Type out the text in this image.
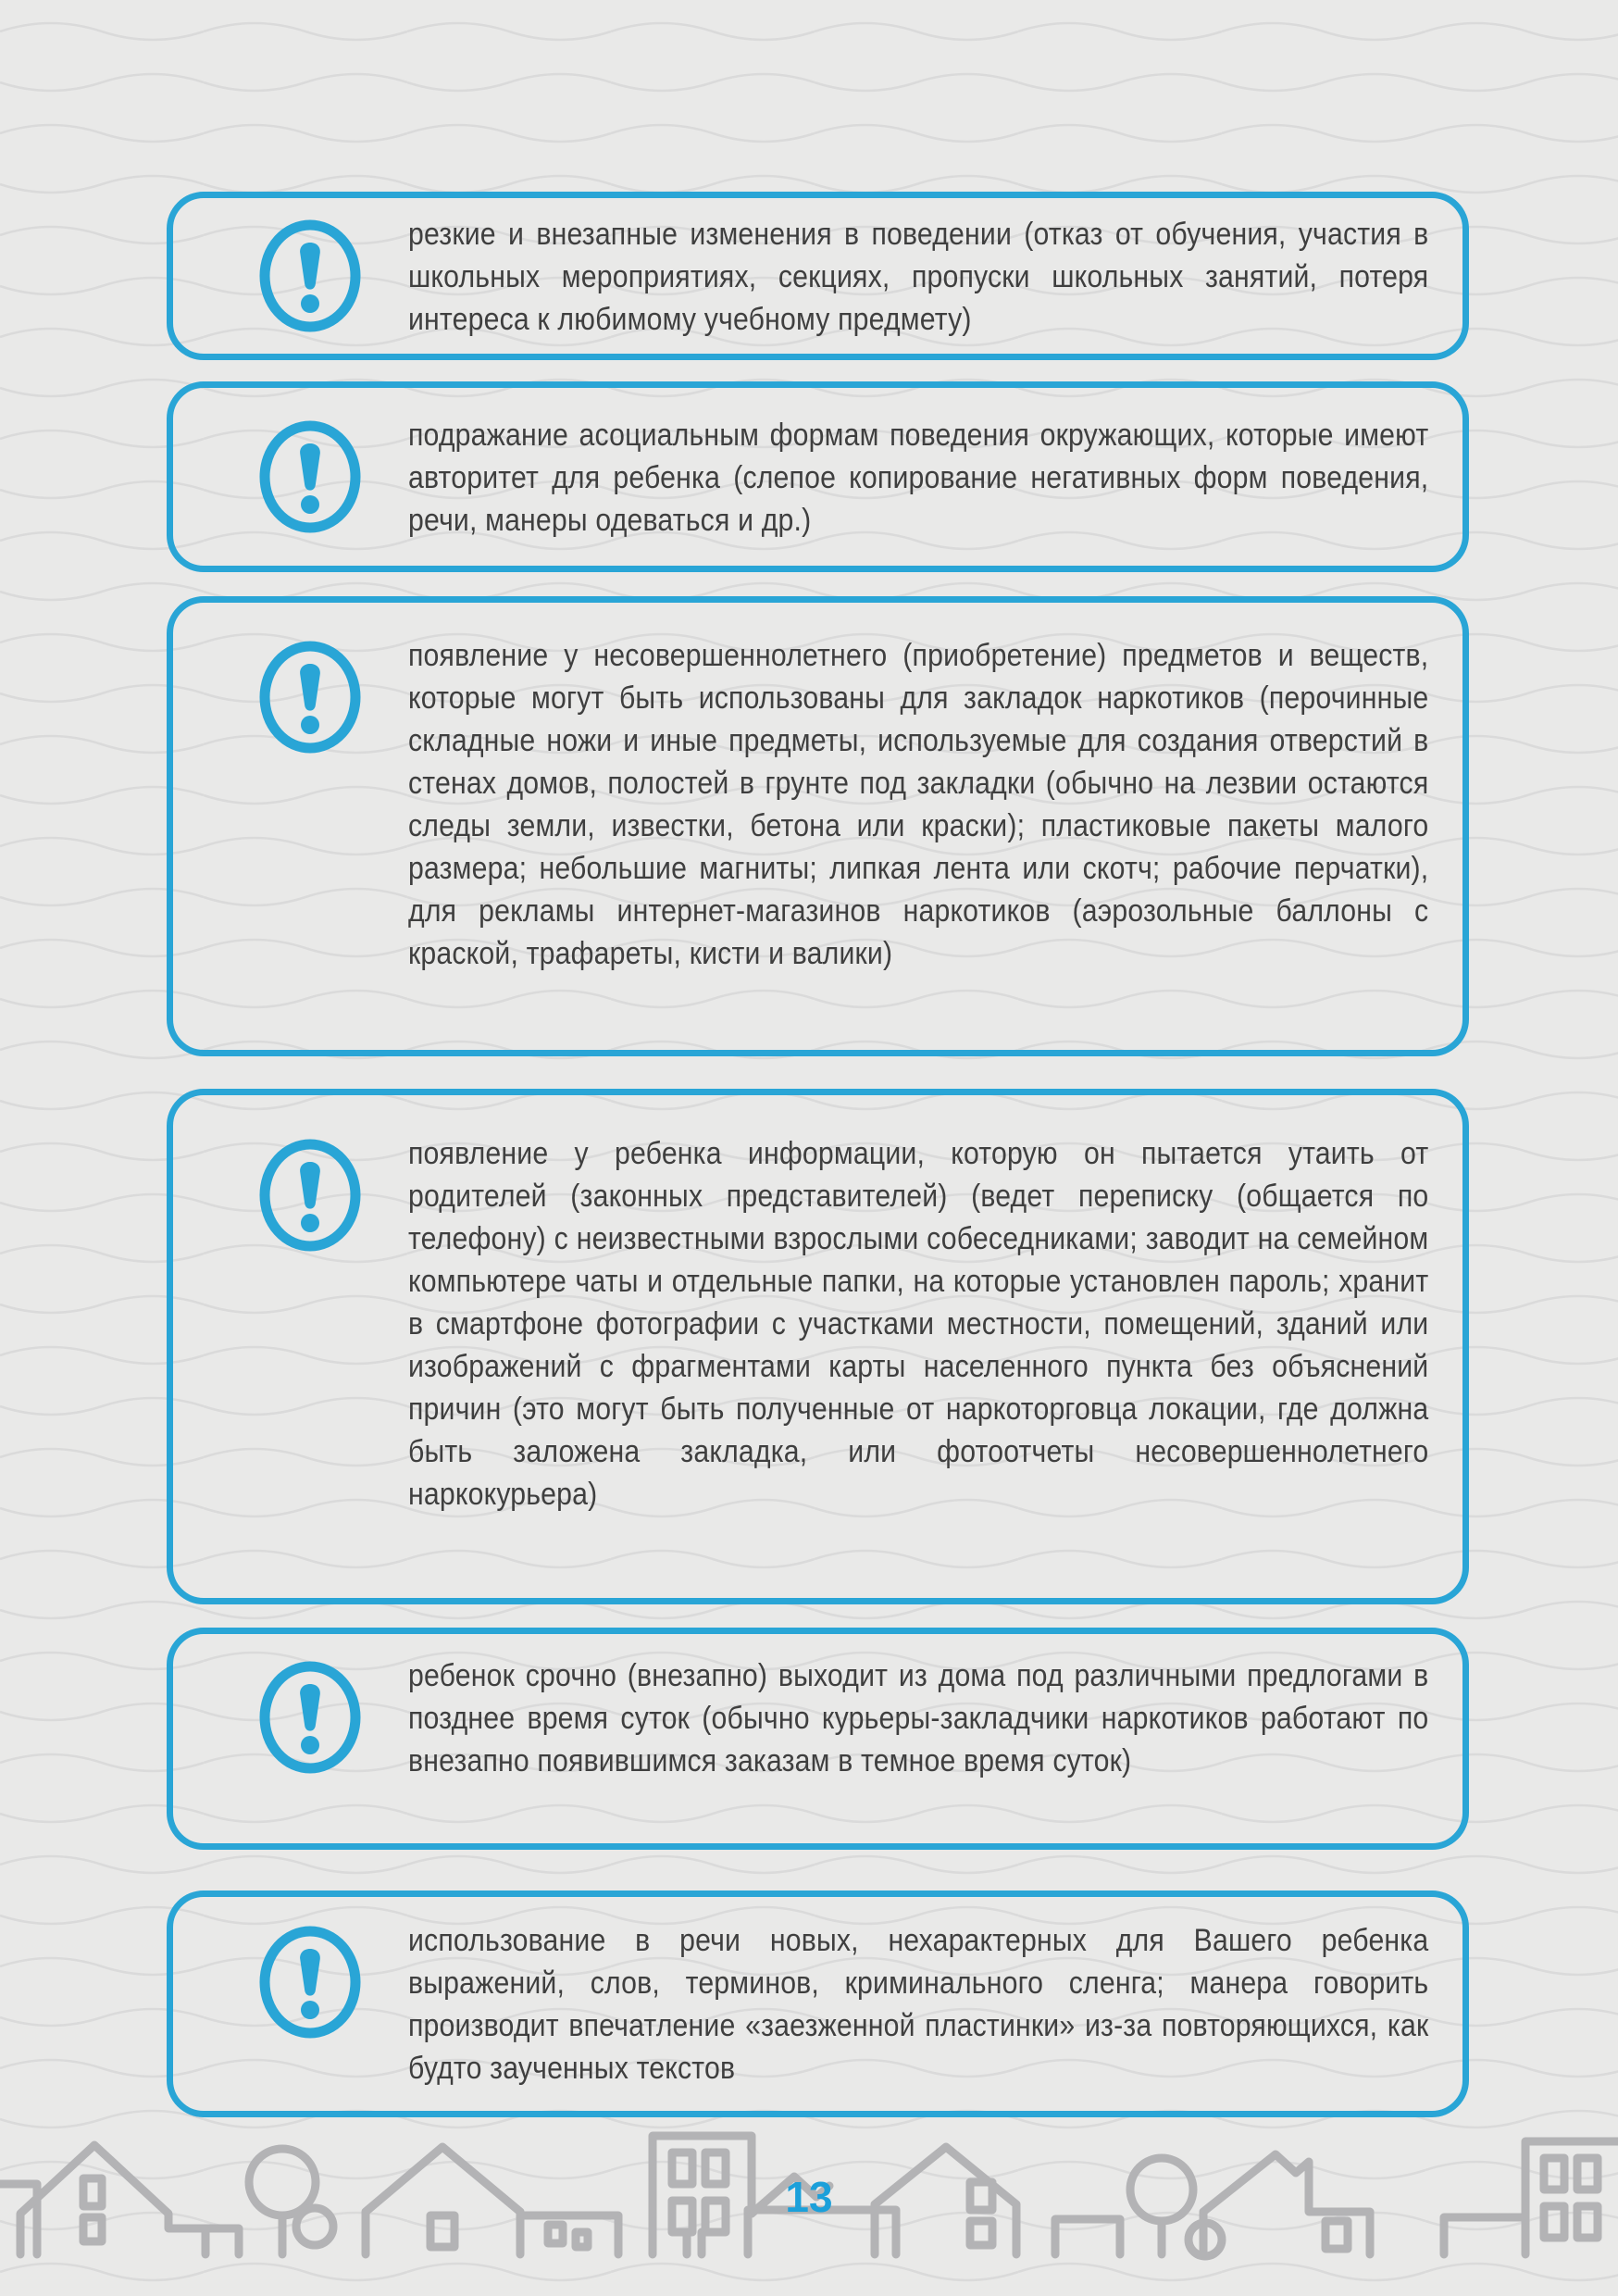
резкие и внезапные изменения в поведении (отказ от обучения, участия в школьных мероприятиях, секциях, пропуски школьных занятий, потеря интереса к любимому учебному предмету)

подражание асоциальным формам поведения окружающих, которые имеют авторитет для ребенка (слепое копирование негативных форм поведения, речи, манеры одеваться и др.)

появление у несовершеннолетнего (приобретение) предметов и веществ, которые могут быть использованы для закладок наркотиков (перочинные складные ножи и иные предметы, используемые для создания отверстий в стенах домов, полостей в грунте под закладки (обычно на лезвии остаются следы земли, известки, бетона или краски); пластиковые пакеты малого размера; небольшие магниты; липкая лента или скотч; рабочие перчатки), для рекламы интернет-магазинов наркотиков (аэрозольные баллоны с краской, трафареты, кисти и валики)

появление у ребенка информации, которую он пытается утаить от родителей (законных представителей) (ведет переписку (общается по телефону) с неизвестными взрослыми собеседниками; заводит на семейном компьютере чаты и отдельные папки, на которые установлен пароль; хранит в смартфоне фотографии с участками местности, помещений, зданий или изображений с фрагментами карты населенного пункта без объяснений причин (это могут быть полученные от наркоторговца локации, где должна быть заложена закладка, или фотоотчеты несовершеннолетнего наркокурьера)

ребенок срочно (внезапно) выходит из дома под различными предлогами в позднее время суток (обычно курьеры-закладчики наркотиков работают по внезапно появившимся заказам в темное время суток)

использование в речи новых, нехарактерных для Вашего ребенка выражений, слов, терминов, криминального сленга; манера говорить производит впечатление «заезженной пластинки» из-за повторяющихся, как будто заученных текстов

13
